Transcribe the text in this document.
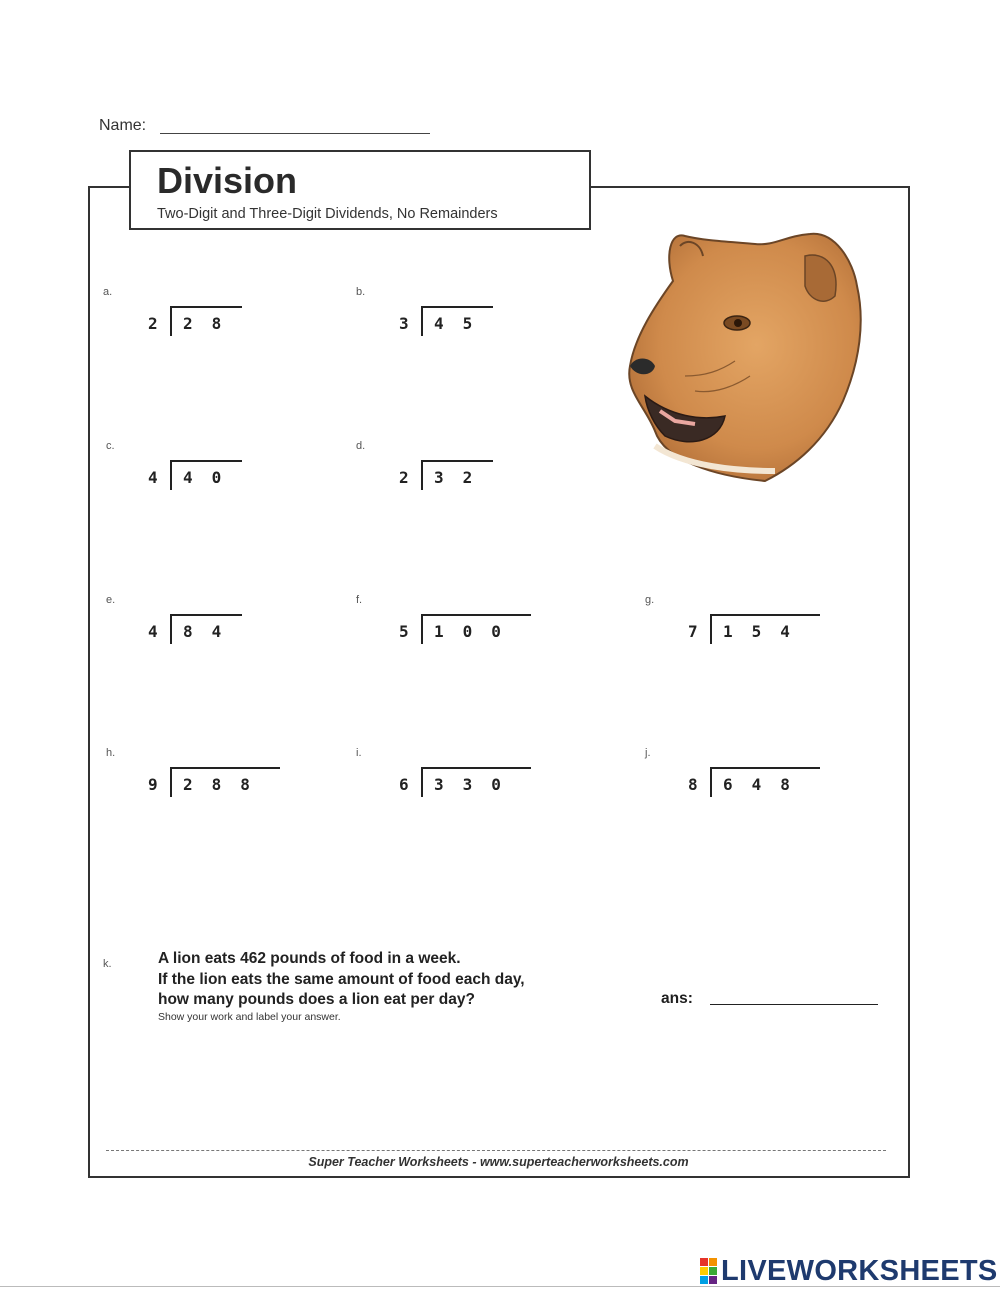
Name:
Division
Two-Digit and Three-Digit Dividends, No Remainders
a.
2 28
b.
3 45
c.
4 40
d.
2 32
e.
4 84
f.
5 100
g.
7 154
h.
9 288
i.
6 330
j.
8 648
k.	A lion eats 462 pounds of food in a week.
If the lion eats the same amount of food each day,
how many pounds does a lion eat per day?
Show your work and label your answer.
ans:
Super Teacher Worksheets - www.superteacherworksheets.com
LIVEWORKSHEETS
